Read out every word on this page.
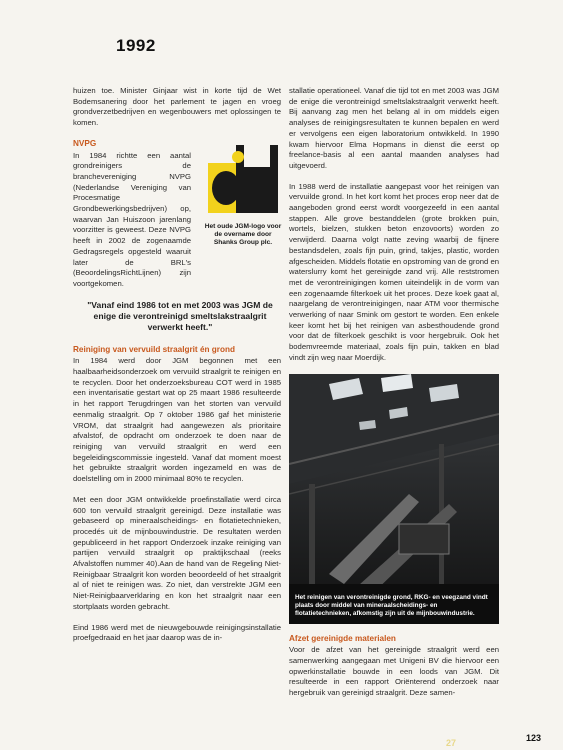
1992

huizen toe. Minister Ginjaar wist in korte tijd de Wet Bodemsanering door het parlement te jagen en vroeg grondverzetbedrijven en wegenbouwers met oplossingen te komen.

NVPG

In 1984 richtte een aantal grondreinigers de branchevereniging NVPG (Nederlandse Vereniging van Procesmatige Grondbewerkingsbedrijven) op, waarvan Jan Huiszoon jarenlang voorzitter is geweest. Deze NVPG heeft in 2002 de zogenaamde Gedragsregels opgesteld waaruit later de BRL's (BeoordelingsRichtLijnen) zijn voortgekomen.

Het oude JGM-logo voor de overname door Shanks Group plc.
"Vanaf eind 1986 tot en met 2003 was JGM de enige die verontreinigd smeltslakstraalgrit verwerkt heeft."
Reiniging van vervuild straalgrit én grond

In 1984 werd door JGM begonnen met een haalbaarheidsonderzoek om vervuild straalgrit te reinigen en te recyclen. Door het onderzoeksbureau COT werd in 1985 een inventarisatie gestart wat op 25 maart 1986 resulteerde in het rapport Terugdringen van het storten van vervuild eenmalig straalgrit. Op 7 oktober 1986 gaf het ministerie VROM, dat straalgrit had aangewezen als prioritaire afvalstof, de opdracht om onderzoek te doen naar de reiniging van vervuild straalgrit en werd een begeleidingscommissie ingesteld. Vanaf dat moment moest het gebruikte straalgrit worden ingezameld en was de doelstelling om in 2000 minimaal 80% te recyclen.

Met een door JGM ontwikkelde proefinstallatie werd circa 600 ton vervuild straalgrit gereinigd. Deze installatie was gebaseerd op mineraalscheidings- en flotatietechnieken, procedés uit de mijnbouwindustrie. De resultaten werden gepubliceerd in het rapport Onderzoek inzake reiniging van partijen vervuild straalgrit op praktijkschaal (reeks Afvalstoffen nummer 40).Aan de hand van de Regeling Niet-Reinigbaar Straalgrit kon worden beoordeeld of het straalgrit al of niet te reinigen was. Zo niet, dan verstrekte JGM een Niet-Reinigbaarverklaring en kon het straalgrit naar een stortplaats worden gebracht.

Eind 1986 werd met de nieuwgebouwde reinigingsinstallatie proefgedraaid en het jaar daarop was de in-

stallatie operationeel. Vanaf die tijd tot en met 2003 was JGM de enige die verontreinigd smeltslakstraalgrit verwerkt heeft. Bij aanvang zag men het belang al in om middels eigen analyses de reinigingsresultaten te kunnen bepalen en werd er vervolgens een eigen laboratorium ontwikkeld. In 1990 kwam hiervoor Elma Hopmans in dienst die eerst op freelance-basis al een aantal maanden analyses had uitgevoerd.

In 1988 werd de installatie aangepast voor het reinigen van vervuilde grond. In het kort komt het proces erop neer dat de aangeboden grond eerst wordt voorgezeefd in een aantal stappen. Alle grove bestanddelen (grote brokken puin, wortels, bielzen, stukken beton enzovoorts) worden zo verwijderd. Daarna volgt natte zeving waarbij de fijnere bestandsdelen, zoals fijn puin, grind, takjes, plastic, worden afgescheiden. Middels flotatie en opstroming van de grond en waterslurry komt het gereinigde zand vrij. Alle reststromen met de verontreinigingen komen uiteindelijk in de vorm van een zogenaamde filterkoek uit het proces. Deze koek gaat al, naargelang de verontreinigingen, naar ATM voor thermische verwerking of naar Smink om gestort te worden. Een enkele keer komt het bij het reinigen van asbesthoudende grond voor dat de filterkoek geschikt is voor hergebruik. Ook het bodemvreemde materiaal, zoals fijn puin, takken en blad vindt zijn weg naar Moerdijk.

Het reinigen van verontreinigde grond, RKG- en veegzand vindt plaats door middel van mineraalscheidings- en flotatietechnieken, afkomstig zijn uit de mijnbouwindustrie.
Afzet gereinigde materialen

Voor de afzet van het gereinigde straalgrit werd een samenwerking aangegaan met Unigeni BV die hiervoor een opwerkinstallatie bouwde in een loods van JGM. Dit resulteerde in een rapport Oriënterend onderzoek naar hergebruik van gereinigd straalgrit. Deze samen-

27	123
